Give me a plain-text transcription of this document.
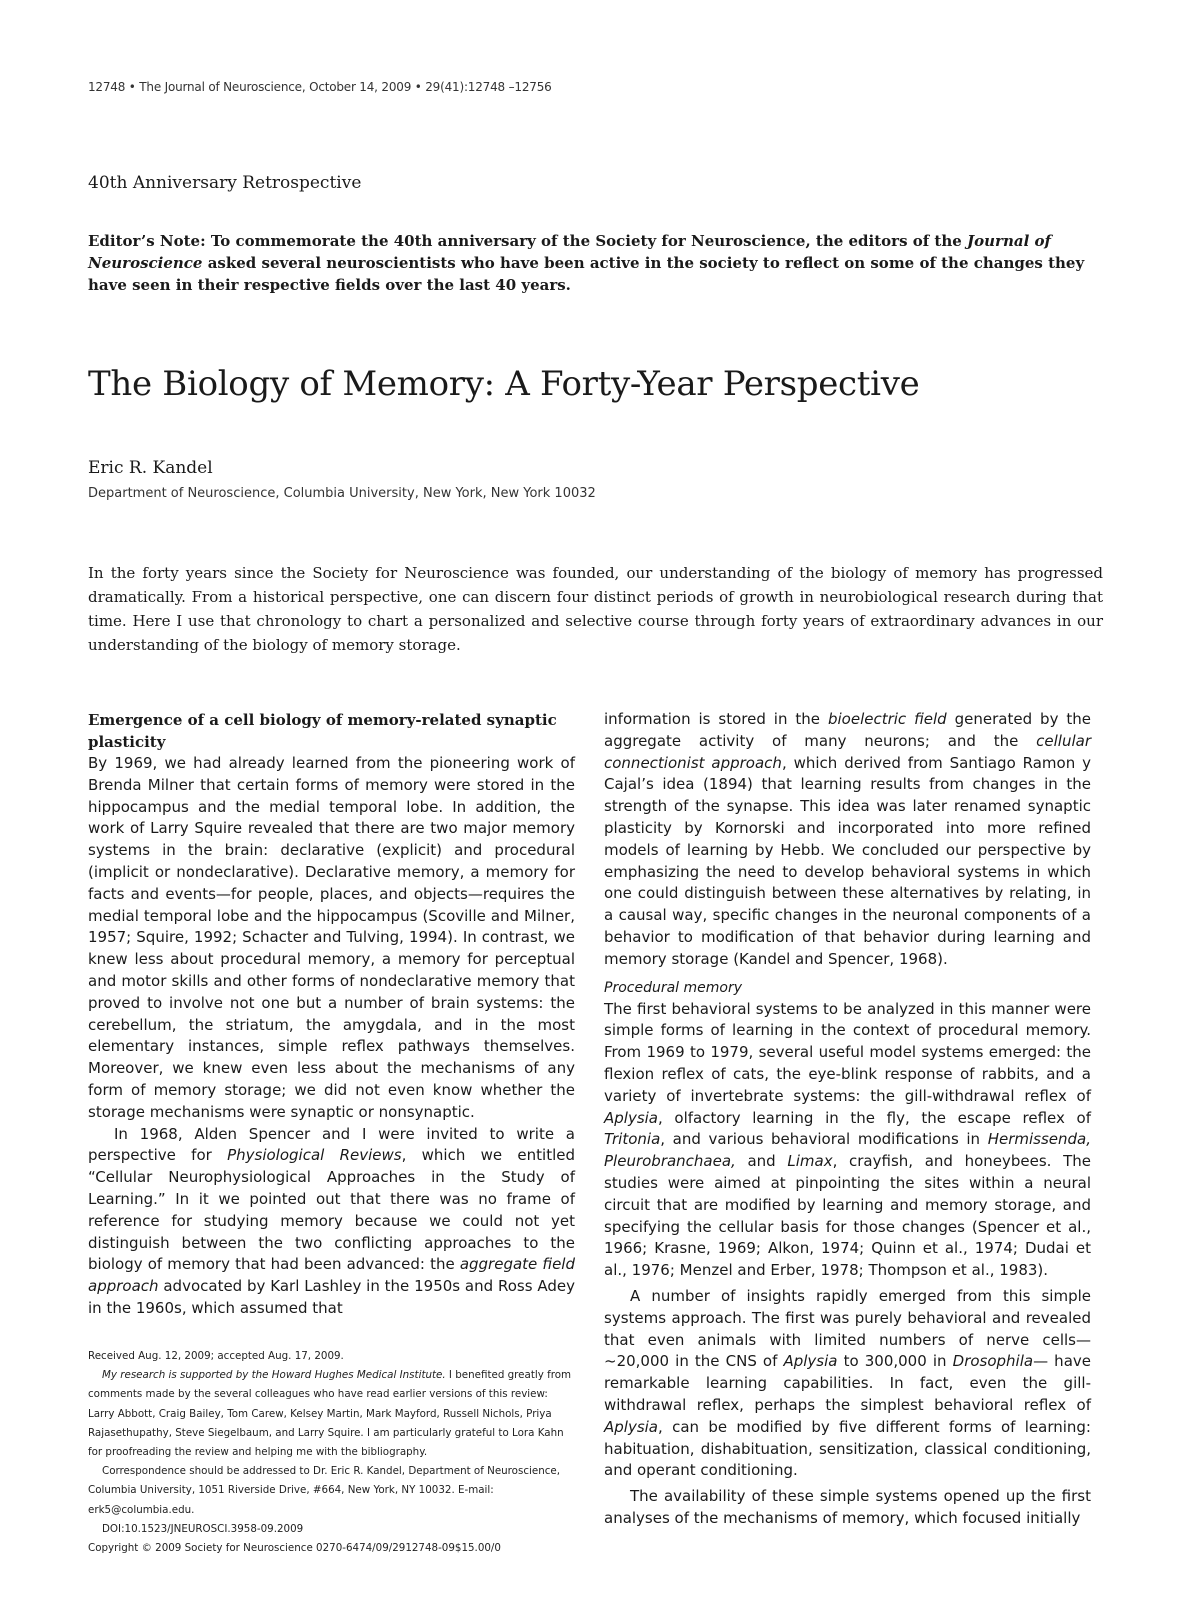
12748 • The Journal of Neuroscience, October 14, 2009 • 29(41):12748 –12756
40th Anniversary Retrospective
Editor’s Note: To commemorate the 40th anniversary of the Society for Neuroscience, the editors of the Journal of Neuroscience asked several neuroscientists who have been active in the society to reflect on some of the changes they have seen in their respective fields over the last 40 years.
The Biology of Memory: A Forty-Year Perspective
Eric R. Kandel
Department of Neuroscience, Columbia University, New York, New York 10032
In the forty years since the Society for Neuroscience was founded, our understanding of the biology of memory has progressed dramatically. From a historical perspective, one can discern four distinct periods of growth in neurobiological research during that time. Here I use that chronology to chart a personalized and selective course through forty years of extraordinary advances in our understanding of the biology of memory storage.
Emergence of a cell biology of memory-related synaptic plasticity

By 1969, we had already learned from the pioneering work of Brenda Milner that certain forms of memory were stored in the hippocampus and the medial temporal lobe. In addition, the work of Larry Squire revealed that there are two major memory systems in the brain: declarative (explicit) and procedural (implicit or nondeclarative). Declarative memory, a memory for facts and events—for people, places, and objects—requires the medial temporal lobe and the hippocampus (Scoville and Milner, 1957; Squire, 1992; Schacter and Tulving, 1994). In contrast, we knew less about procedural memory, a memory for perceptual and motor skills and other forms of nondeclarative memory that proved to involve not one but a number of brain systems: the cerebellum, the striatum, the amygdala, and in the most elementary instances, simple reflex pathways themselves. Moreover, we knew even less about the mechanisms of any form of memory storage; we did not even know whether the storage mechanisms were synaptic or nonsynaptic.

In 1968, Alden Spencer and I were invited to write a perspective for Physiological Reviews, which we entitled “Cellular Neurophysiological Approaches in the Study of Learning.” In it we pointed out that there was no frame of reference for studying memory because we could not yet distinguish between the two conflicting approaches to the biology of memory that had been advanced: the aggregate field approach advocated by Karl Lashley in the 1950s and Ross Adey in the 1960s, which assumed that

information is stored in the bioelectric field generated by the aggregate activity of many neurons; and the cellular connectionist approach, which derived from Santiago Ramon y Cajal’s idea (1894) that learning results from changes in the strength of the synapse. This idea was later renamed synaptic plasticity by Kornorski and incorporated into more refined models of learning by Hebb. We concluded our perspective by emphasizing the need to develop behavioral systems in which one could distinguish between these alternatives by relating, in a causal way, specific changes in the neuronal components of a behavior to modification of that behavior during learning and memory storage (Kandel and Spencer, 1968).

Procedural memory

The first behavioral systems to be analyzed in this manner were simple forms of learning in the context of procedural memory. From 1969 to 1979, several useful model systems emerged: the flexion reflex of cats, the eye-blink response of rabbits, and a variety of invertebrate systems: the gill-withdrawal reflex of Aplysia, olfactory learning in the fly, the escape reflex of Tritonia, and various behavioral modifications in Hermissenda, Pleurobranchaea, and Limax, crayfish, and honeybees. The studies were aimed at pinpointing the sites within a neural circuit that are modified by learning and memory storage, and specifying the cellular basis for those changes (Spencer et al., 1966; Krasne, 1969; Alkon, 1974; Quinn et al., 1974; Dudai et al., 1976; Menzel and Erber, 1978; Thompson et al., 1983).

A number of insights rapidly emerged from this simple systems approach. The first was purely behavioral and revealed that even animals with limited numbers of nerve cells— ~20,000 in the CNS of Aplysia to 300,000 in Drosophila— have remarkable learning capabilities. In fact, even the gill-withdrawal reflex, perhaps the simplest behavioral reflex of Aplysia, can be modified by five different forms of learning: habituation, dishabituation, sensitization, classical conditioning, and operant conditioning.

The availability of these simple systems opened up the first analyses of the mechanisms of memory, which focused initially

Received Aug. 12, 2009; accepted Aug. 17, 2009.

My research is supported by the Howard Hughes Medical Institute. I benefited greatly from comments made by the several colleagues who have read earlier versions of this review: Larry Abbott, Craig Bailey, Tom Carew, Kelsey Martin, Mark Mayford, Russell Nichols, Priya Rajasethupathy, Steve Siegelbaum, and Larry Squire. I am particularly grateful to Lora Kahn for proofreading the review and helping me with the bibliography.

Correspondence should be addressed to Dr. Eric R. Kandel, Department of Neuroscience, Columbia University, 1051 Riverside Drive, #664, New York, NY 10032. E-mail: erk5@columbia.edu.

DOI:10.1523/JNEUROSCI.3958-09.2009

Copyright © 2009 Society for Neuroscience 0270-6474/09/2912748-09$15.00/0
